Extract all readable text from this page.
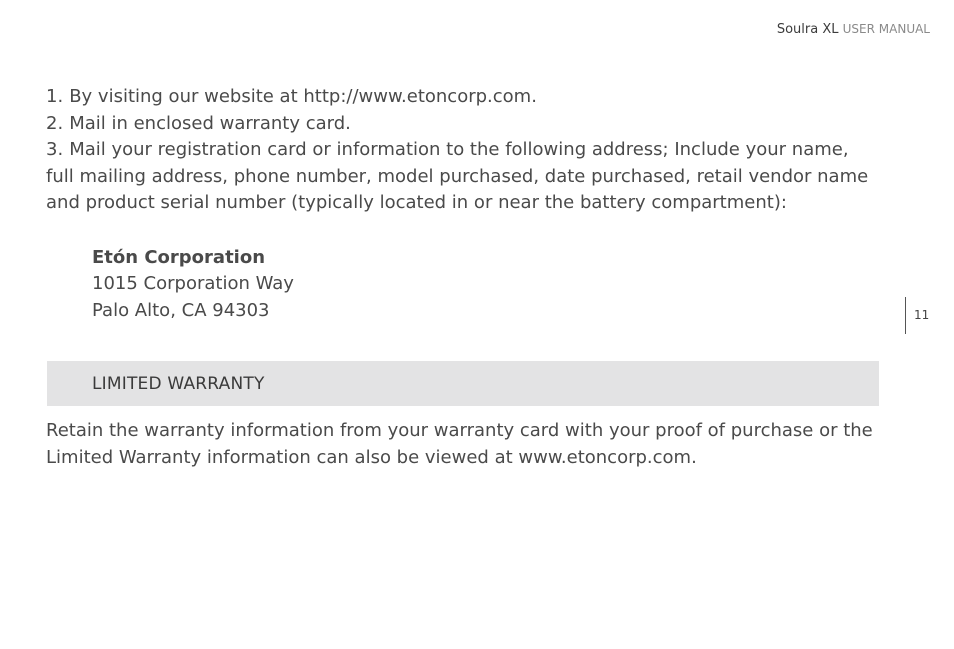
Soulra XL USER MANUAL
11

1. By visiting our website at http://www.etoncorp.com.

2. Mail in enclosed warranty card.

3. Mail your registration card or information to the following address; Include your name, full mailing address, phone number, model purchased, date purchased, retail vendor name and product serial number (typically located in or near the battery compartment):

Etón Corporation
1015 Corporation Way
Palo Alto, CA 94303
LIMITED WARRANTY
Retain the warranty information from your warranty card with your proof of purchase or the Limited Warranty information can also be viewed at www.etoncorp.com.
